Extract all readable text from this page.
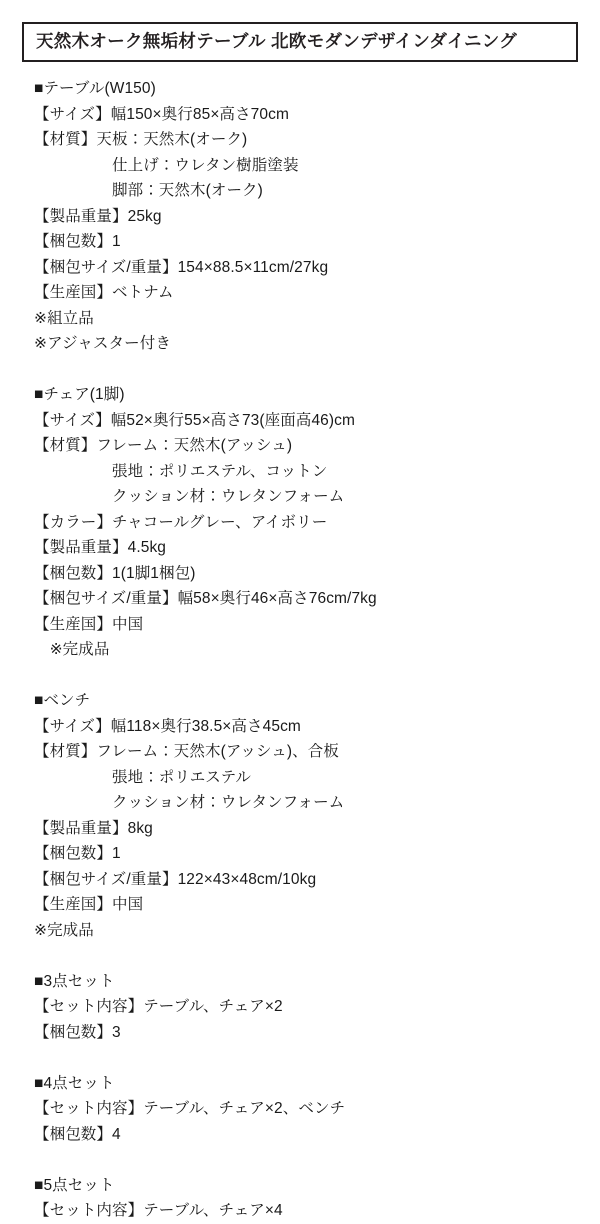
天然木オーク無垢材テーブル 北欧モダンデザインダイニング
■テーブル(W150)
【サイズ】幅150×奥行85×高さ70cm
【材質】天板：天然木(オーク)
　　　　　仕上げ：ウレタン樹脂塗装
　　　　　脚部：天然木(オーク)
【製品重量】25kg
【梱包数】1
【梱包サイズ/重量】154×88.5×11cm/27kg
【生産国】ベトナム
※組立品
※アジャスター付き

■チェア(1脚)
【サイズ】幅52×奥行55×高さ73(座面高46)cm
【材質】フレーム：天然木(アッシュ)
　　　　　張地：ポリエステル、コットン
　　　　　クッション材：ウレタンフォーム
【カラー】チャコールグレー、アイボリー
【製品重量】4.5kg
【梱包数】1(1脚1梱包)
【梱包サイズ/重量】幅58×奥行46×高さ76cm/7kg
【生産国】中国
　※完成品

■ベンチ
【サイズ】幅118×奥行38.5×高さ45cm
【材質】フレーム：天然木(アッシュ)、合板
　　　　　張地：ポリエステル
　　　　　クッション材：ウレタンフォーム
【製品重量】8kg
【梱包数】1
【梱包サイズ/重量】122×43×48cm/10kg
【生産国】中国
※完成品

■3点セット
【セット内容】テーブル、チェア×2
【梱包数】3

■4点セット
【セット内容】テーブル、チェア×2、ベンチ
【梱包数】4

■5点セット
【セット内容】テーブル、チェア×4
